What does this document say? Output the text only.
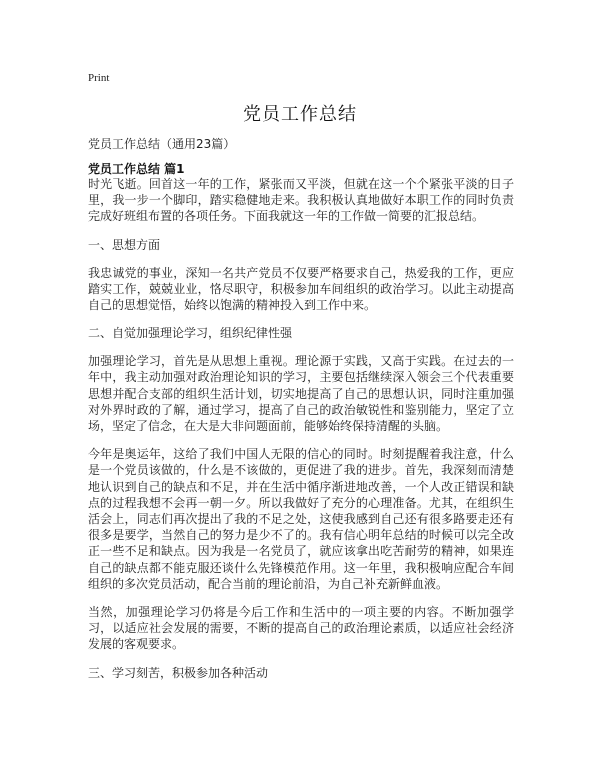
Print
党员工作总结
党员工作总结（通用23篇）
党员工作总结 篇1

时光飞逝。回首这一年的工作，紧张而又平淡，但就在这一个个紧张平淡的日子里，我一步一个脚印，踏实稳健地走来。我积极认真地做好本职工作的同时负责完成好班组布置的各项任务。下面我就这一年的工作做一简要的汇报总结。

一、思想方面

我忠诚党的事业，深知一名共产党员不仅要严格要求自己，热爱我的工作，更应踏实工作，兢兢业业，恪尽职守，积极参加车间组织的政治学习。以此主动提高自己的思想觉悟，始终以饱满的精神投入到工作中来。

二、自觉加强理论学习，组织纪律性强

加强理论学习，首先是从思想上重视。理论源于实践，又高于实践。在过去的一年中，我主动加强对政治理论知识的学习，主要包括继续深入领会三个代表重要思想并配合支部的组织生活计划，切实地提高了自己的思想认识，同时注重加强对外界时政的了解，通过学习，提高了自己的政治敏锐性和鉴别能力，坚定了立场，坚定了信念，在大是大非问题面前，能够始终保持清醒的头脑。

今年是奥运年，这给了我们中国人无限的信心的同时。时刻提醒着我注意，什么是一个党员该做的，什么是不该做的，更促进了我的进步。首先，我深刻而清楚地认识到自己的缺点和不足，并在生活中循序渐进地改善，一个人改正错误和缺点的过程我想不会再一朝一夕。所以我做好了充分的心理准备。尤其，在组织生活会上，同志们再次提出了我的不足之处，这使我感到自己还有很多路要走还有很多是要学，当然自己的努力是少不了的。我有信心明年总结的时候可以完全改正一些不足和缺点。因为我是一名党员了，就应该拿出吃苦耐劳的精神，如果连自己的缺点都不能克服还谈什么先锋模范作用。这一年里，我积极响应配合车间组织的多次党员活动，配合当前的理论前沿，为自己补充新鲜血液。

当然，加强理论学习仍将是今后工作和生活中的一项主要的内容。不断加强学习，以适应社会发展的需要，不断的提高自己的政治理论素质，以适应社会经济发展的客观要求。

三、学习刻苦，积极参加各种活动
